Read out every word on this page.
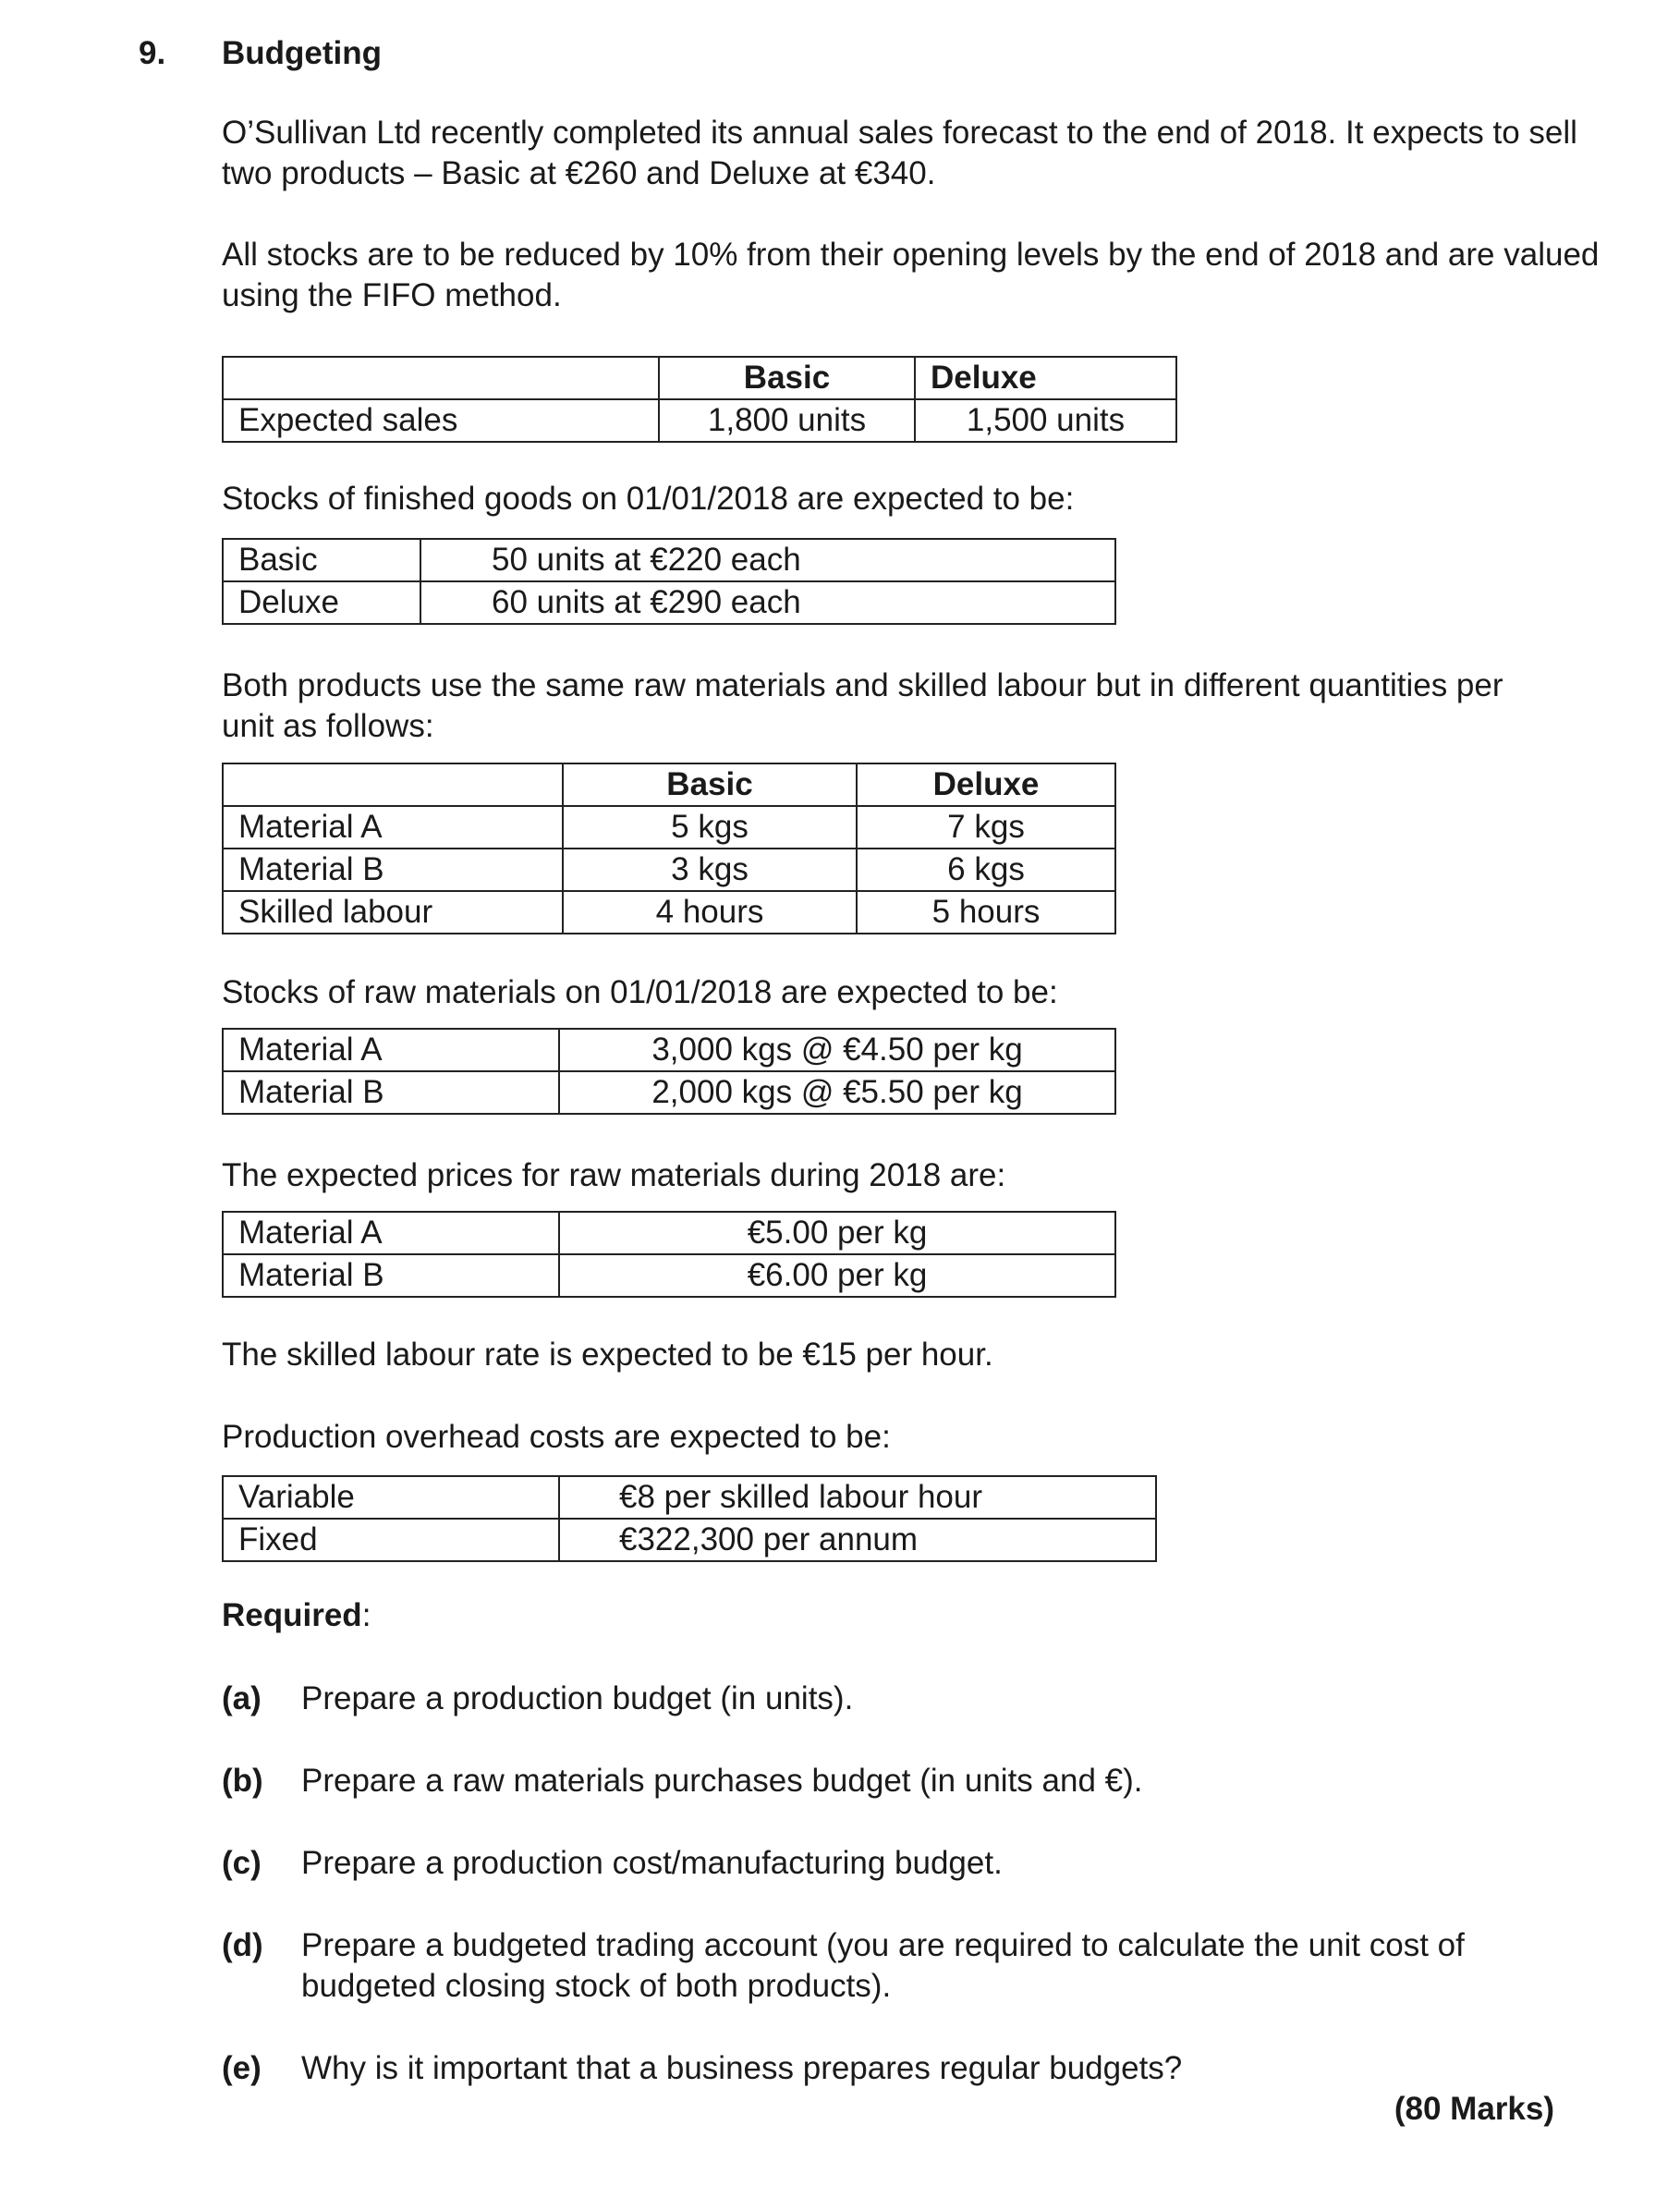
9. Budgeting
O’Sullivan Ltd recently completed its annual sales forecast to the end of 2018. It expects to sell
two products – Basic at €260 and Deluxe at €340.
All stocks are to be reduced by 10% from their opening levels by the end of 2018 and are valued
using the FIFO method.
	Basic	Deluxe
Expected sales	1,800 units	1,500 units
Stocks of finished goods on 01/01/2018 are expected to be:
Basic	50 units at €220 each
Deluxe	60 units at €290 each
Both products use the same raw materials and skilled labour but in different quantities per
unit as follows:
	Basic	Deluxe
Material A	5 kgs	7 kgs
Material B	3 kgs	6 kgs
Skilled labour	4 hours	5 hours
Stocks of raw materials on 01/01/2018 are expected to be:
Material A	3,000 kgs @ €4.50 per kg
Material B	2,000 kgs @ €5.50 per kg
The expected prices for raw materials during 2018 are:
Material A	€5.00 per kg
Material B	€6.00 per kg
The skilled labour rate is expected to be €15 per hour.
Production overhead costs are expected to be:
Variable	€8 per skilled labour hour
Fixed	€322,300 per annum
Required:
(a) Prepare a production budget (in units).
(b) Prepare a raw materials purchases budget (in units and €).
(c) Prepare a production cost/manufacturing budget.
(d) Prepare a budgeted trading account (you are required to calculate the unit cost of
budgeted closing stock of both products).
(e) Why is it important that a business prepares regular budgets?
(80 Marks)
